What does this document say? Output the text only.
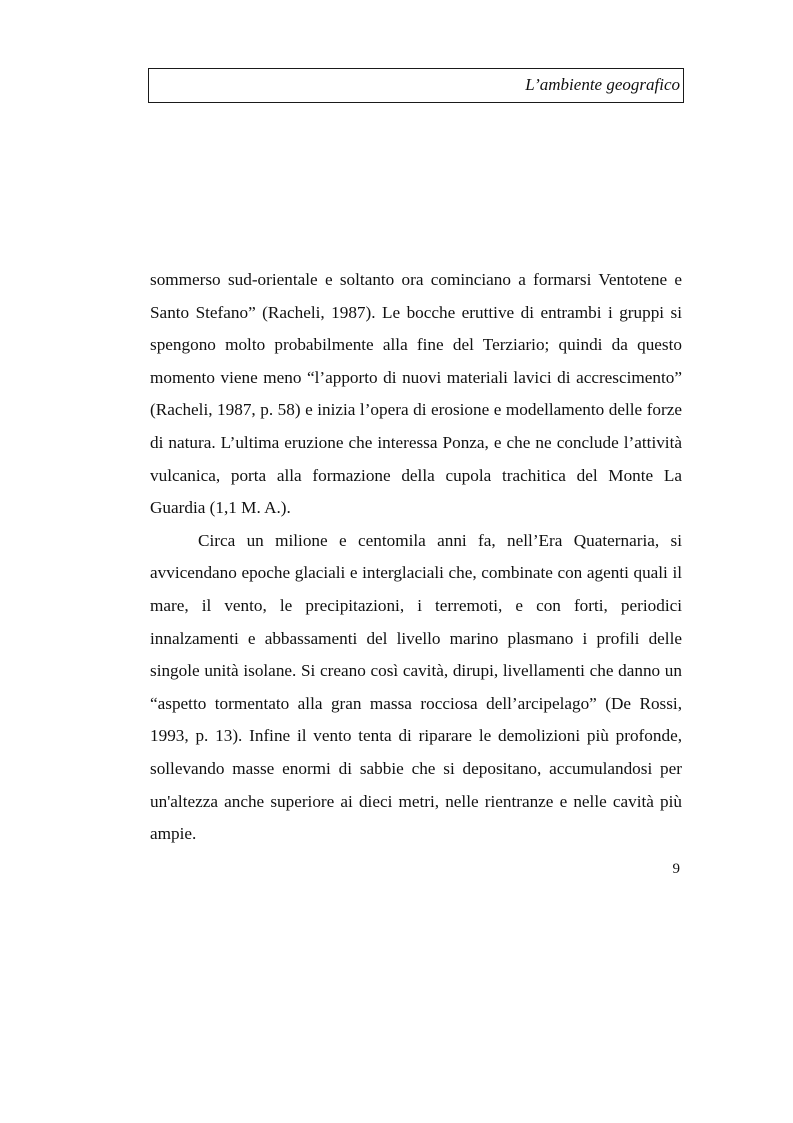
L’ambiente geografico

sommerso sud-orientale e soltanto ora cominciano a formarsi Ventotene e Santo Stefano” (Racheli, 1987). Le bocche eruttive di entrambi i gruppi si spengono molto probabilmente alla fine del Terziario; quindi da questo momento viene meno “l’apporto di nuovi materiali lavici di accrescimento” (Racheli, 1987, p. 58) e inizia l’opera di erosione e modellamento delle forze di natura. L’ultima eruzione che interessa Ponza, e che ne conclude l’attività vulcanica, porta alla formazione della cupola trachitica del Monte La Guardia (1,1 M. A.).

Circa un milione e centomila anni fa, nell’Era Quaternaria, si avvicendano epoche glaciali e interglaciali che, combinate con agenti quali il mare, il vento, le precipitazioni, i terremoti, e con forti, periodici innalzamenti e abbassamenti del livello marino plasmano i profili delle singole unità isolane. Si creano così cavità, dirupi, livellamenti che danno un “aspetto tormentato alla gran massa rocciosa dell’arcipelago” (De Rossi, 1993, p. 13). Infine il vento tenta di riparare le demolizioni più profonde, sollevando masse enormi di sabbie che si depositano, accumulandosi per un'altezza anche superiore ai dieci metri, nelle rientranze e nelle cavità più ampie.

9
